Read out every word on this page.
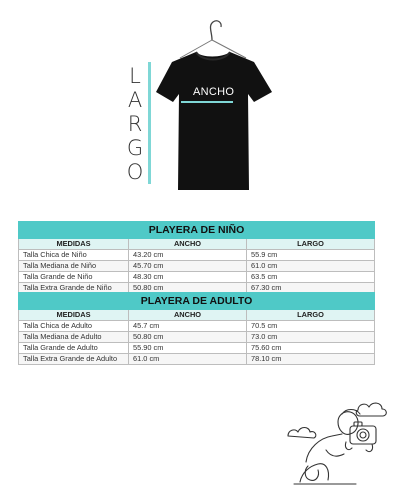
L
A
R
G
O
ANCHO
PLAYERA DE NIÑO		
MEDIDAS	ANCHO	LARGO
Talla Chica de Niño	43.20 cm	55.9 cm
Talla Mediana de Niño	45.70 cm	61.0 cm
Talla Grande de Niño	48.30 cm	63.5 cm
Talla Extra Grande de Niño	50.80 cm	67.30 cm
PLAYERA DE ADULTO		
MEDIDAS	ANCHO	LARGO
Talla Chica de Adulto	45.7 cm	70.5 cm
Talla Mediana de Adulto	50.80 cm	73.0 cm
Talla Grande de Adulto	55.90 cm	75.60 cm
Talla Extra Grande de Adulto	61.0 cm	78.10 cm
